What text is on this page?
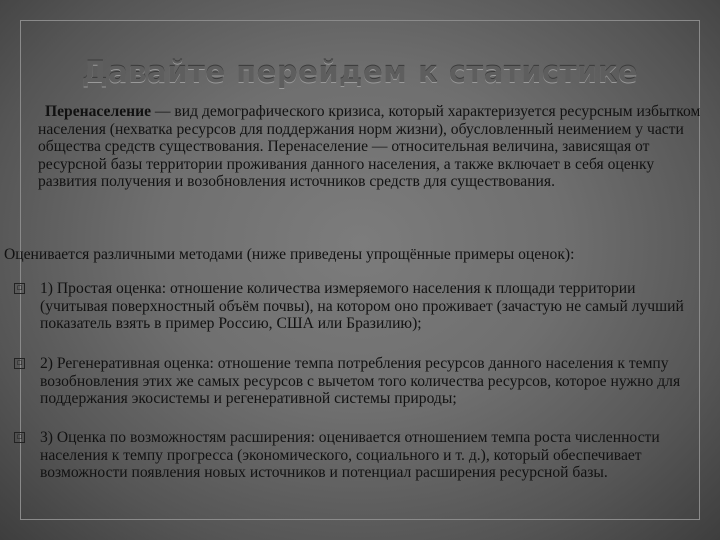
Давайте перейдем к статистике
Перенаселение — вид демографического кризиса, который характеризуется ресурсным избытком населения (нехватка ресурсов для поддержания норм жизни), обусловленный неимением у части общества средств существования. Перенаселение — относительная величина, зависящая от ресурсной базы территории проживания данного населения, а также включает в себя оценку развития получения и возобновления источников средств для существования.
Оценивается различными методами (ниже приведены упрощённые примеры оценок):
▫ 1) Простая оценка: отношение количества измеряемого населения к площади территории (учитывая поверхностный объём почвы), на котором оно проживает (зачастую не самый лучший показатель взять в пример Россию, США или Бразилию);
▫ 2) Регенеративная оценка: отношение темпа потребления ресурсов данного населения к темпу возобновления этих же самых ресурсов с вычетом того количества ресурсов, которое нужно для поддержания экосистемы и регенеративной системы природы;
▫ 3) Оценка по возможностям расширения: оценивается отношением темпа роста численности населения к темпу прогресса (экономического, социального и т. д.), который обеспечивает возможности появления новых источников и потенциал расширения ресурсной базы.
